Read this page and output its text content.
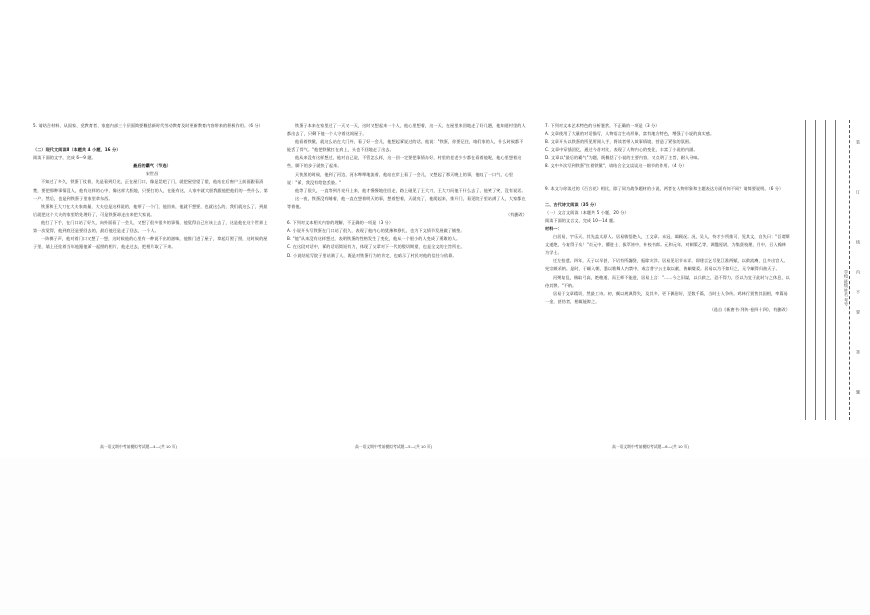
5. 请结合材料，从国家、党教育者、家庭内部三个层面简要概括新时代劳动教育及时更新教育内容带来的积极作用。（6 分）

（二）现代文阅读Ⅱ（本题共 4 小题，16 分）

阅读下面的文字，完成 6～9 题。

最后的霸气（节选）

宋世昌

不知过了多久，铁蛋丁仗着，先是看到灯光，正在屋门口，像是晃吧了门，就把屋里望了望，他站在后窗户上前面跟看清楚，要把那种事情没人，他有这样的心中，像这样大胆地，只要打的人，在能有这，人家中就大胆我跟他把他们的一些什么，第一户，然后，也是到铁蛋子里家里拿东西。

铁蛋和王大刀在大夫家商量，大夫也是这样说的，他带了一个门，他回来，他就不想要，也就这么的，我们就这么了，到最后就把这个大夫的家里给处理好了，可是铁蛋却走出来把大家说。

他打了下手，在门口站了好久，向外面看了一会儿，又想了很多很多的事情，他觉得自己应该上去了，这是他在这个世界上第一次觉得，他到底还是要回去的，最后他还是走了回去，一个人。

一阵梆子声，他对着门口又想了一想，这时候他的心里有一种说不出的滋味，他推门进了屋子，拿起灯照了照，这时候的屋子里，墙上还挂着当年他跟他爹一起照的相片，他走过去，把相片取了下来。

高一语文期中考前模拟考试题—4—(共 10 页)

铁蛋子本来在家里过了一天又一天，这时又想起来一个人，他心里想着，这一天，在屋里来回地走了好几趟，他知道村里的人都出去了，只剩下他一个人守着这间屋子。

他看着铁锨，就这么站在大门外，看了好一会儿，他想起爹说过的话，他说："铁蛋，你要记住，咱们家的人，什么时候都不能丢了骨气。"他把铁锨扛在肩上，头也不回地走了出去。

他从来没有这样想过，他对自己说，不管怎么样，这一回一定要把事情办好，村里的老老少少都在看着他呢，他心里想着这些，脚下的步子就快了起来。

天快黑的时候，他到了河边，河水哗哗地流着，他站在岸上看了一会儿，又想起了那天晚上的事，他叹了一口气，心里说："爹，我没有给您丢脸。"

他等了很久，一直等到月亮升上来，他才慢慢地往回走，路上碰见了王大刀，王大刀问他干什么去了，他笑了笑，没有说话。

这一夜，铁蛋没有睡着，他一直在想着明天的事，想着想着，天就亮了，他爬起来，推开门，看见院子里站满了人，大家都在等着他。

（有删改）

6. 下列对文本相关内容的理解，不正确的一项是（3 分）

A. 小说开头写铁蛋在门口站了很久，表现了他内心的犹豫和挣扎，也为下文情节发展做了铺垫。

B. "他"从来没有这样想过，表明铁蛋的性格发生了变化，他从一个胆小的人变成了勇敢的人。

C. 在这段对话中，爹的话语简短有力，体现了父辈对下一代的殷切期望，也是全文的主旨所在。

D. 小说结尾写院子里站满了人，既是对铁蛋行为的肯定，也暗示了村民对他的信任与依靠。

高一语文期中考前模拟考试题—5—(共 10 页)

7. 下列对文本艺术特色的分析鉴赏，不正确的一项是（3 分）

A. 文章使用了大量的对话描写，人物语言生动形象，富有地方特色，增强了小说的真实感。

B. 文章开头以铁蛋的所见所闻入手，将读者带入故事情境，营造了紧张的氛围。

C. 文章中穿插回忆，通过今昔对比，表现了人物内心的变化，丰富了小说的内涵。

D. 文章以"最后的霸气"为题，既概括了小说的主要内容，又点明了主旨，耐人寻味。

8. 文中多次写到铁蛋"扛着铁锨"，请结合全文谈谈这一细节的作用。（4 分）

9. 本文与你读过的《百合花》相比，除了同为战争题材的小说，两者在人物形象和主题表达方面有何不同？请简要说明。（6 分）

二、古代诗文阅读（35 分）

（一）文言文阅读（本题共 5 小题，20 分）

阅读下面的文言文，完成 10～14 题。

材料一：

白居易，字乐天，其先盖太原人。居易敏悟绝人，工文章。未冠，谒顾况。况，吴人，恃才少所推可，见其文，自失曰："吾谓斯文遂绝，今复得子矣！"贞元中，擢进士、拔萃皆中，补校书郎。元和元年，对制策乙等，调盩厔尉，为集贤校理，月中，召入翰林为学士。

迁左拾遗。四年，天子以旱甚，下诏有所蠲贷，振除灾沴。居易见诏节未详，即建言乞尽免江淮两赋，以救流瘠，且多出宫人。宪宗颇采纳。是时，于頔入朝，悉以歌舞人内禁中，或言普宁公主取以献，皆頔嬖爱。居易以为不如归之，无令頔得归曲天子。

河朔复乱，贼取弓高，绝粮道，而王师不能进，居易上言："……今之旧谋，以兵救之，恐不得力，臣以为宜于此时与之休息，以待其弊。"不纳。

居易于文章精切，然最工诗。初，颇以规讽得失，及其多，更下偶俗好，至数千篇，当时士人争传。鸡林行贾售其国相，率篇易一金，甚伪者，相辄能辩之。

（选自《新唐书·列传·卷四十四》，有删改）

高一语文期中考前模拟考试题—6—(共 10 页)
装
订
线
内
不
要
答
题
学校 班级 姓名 考号
